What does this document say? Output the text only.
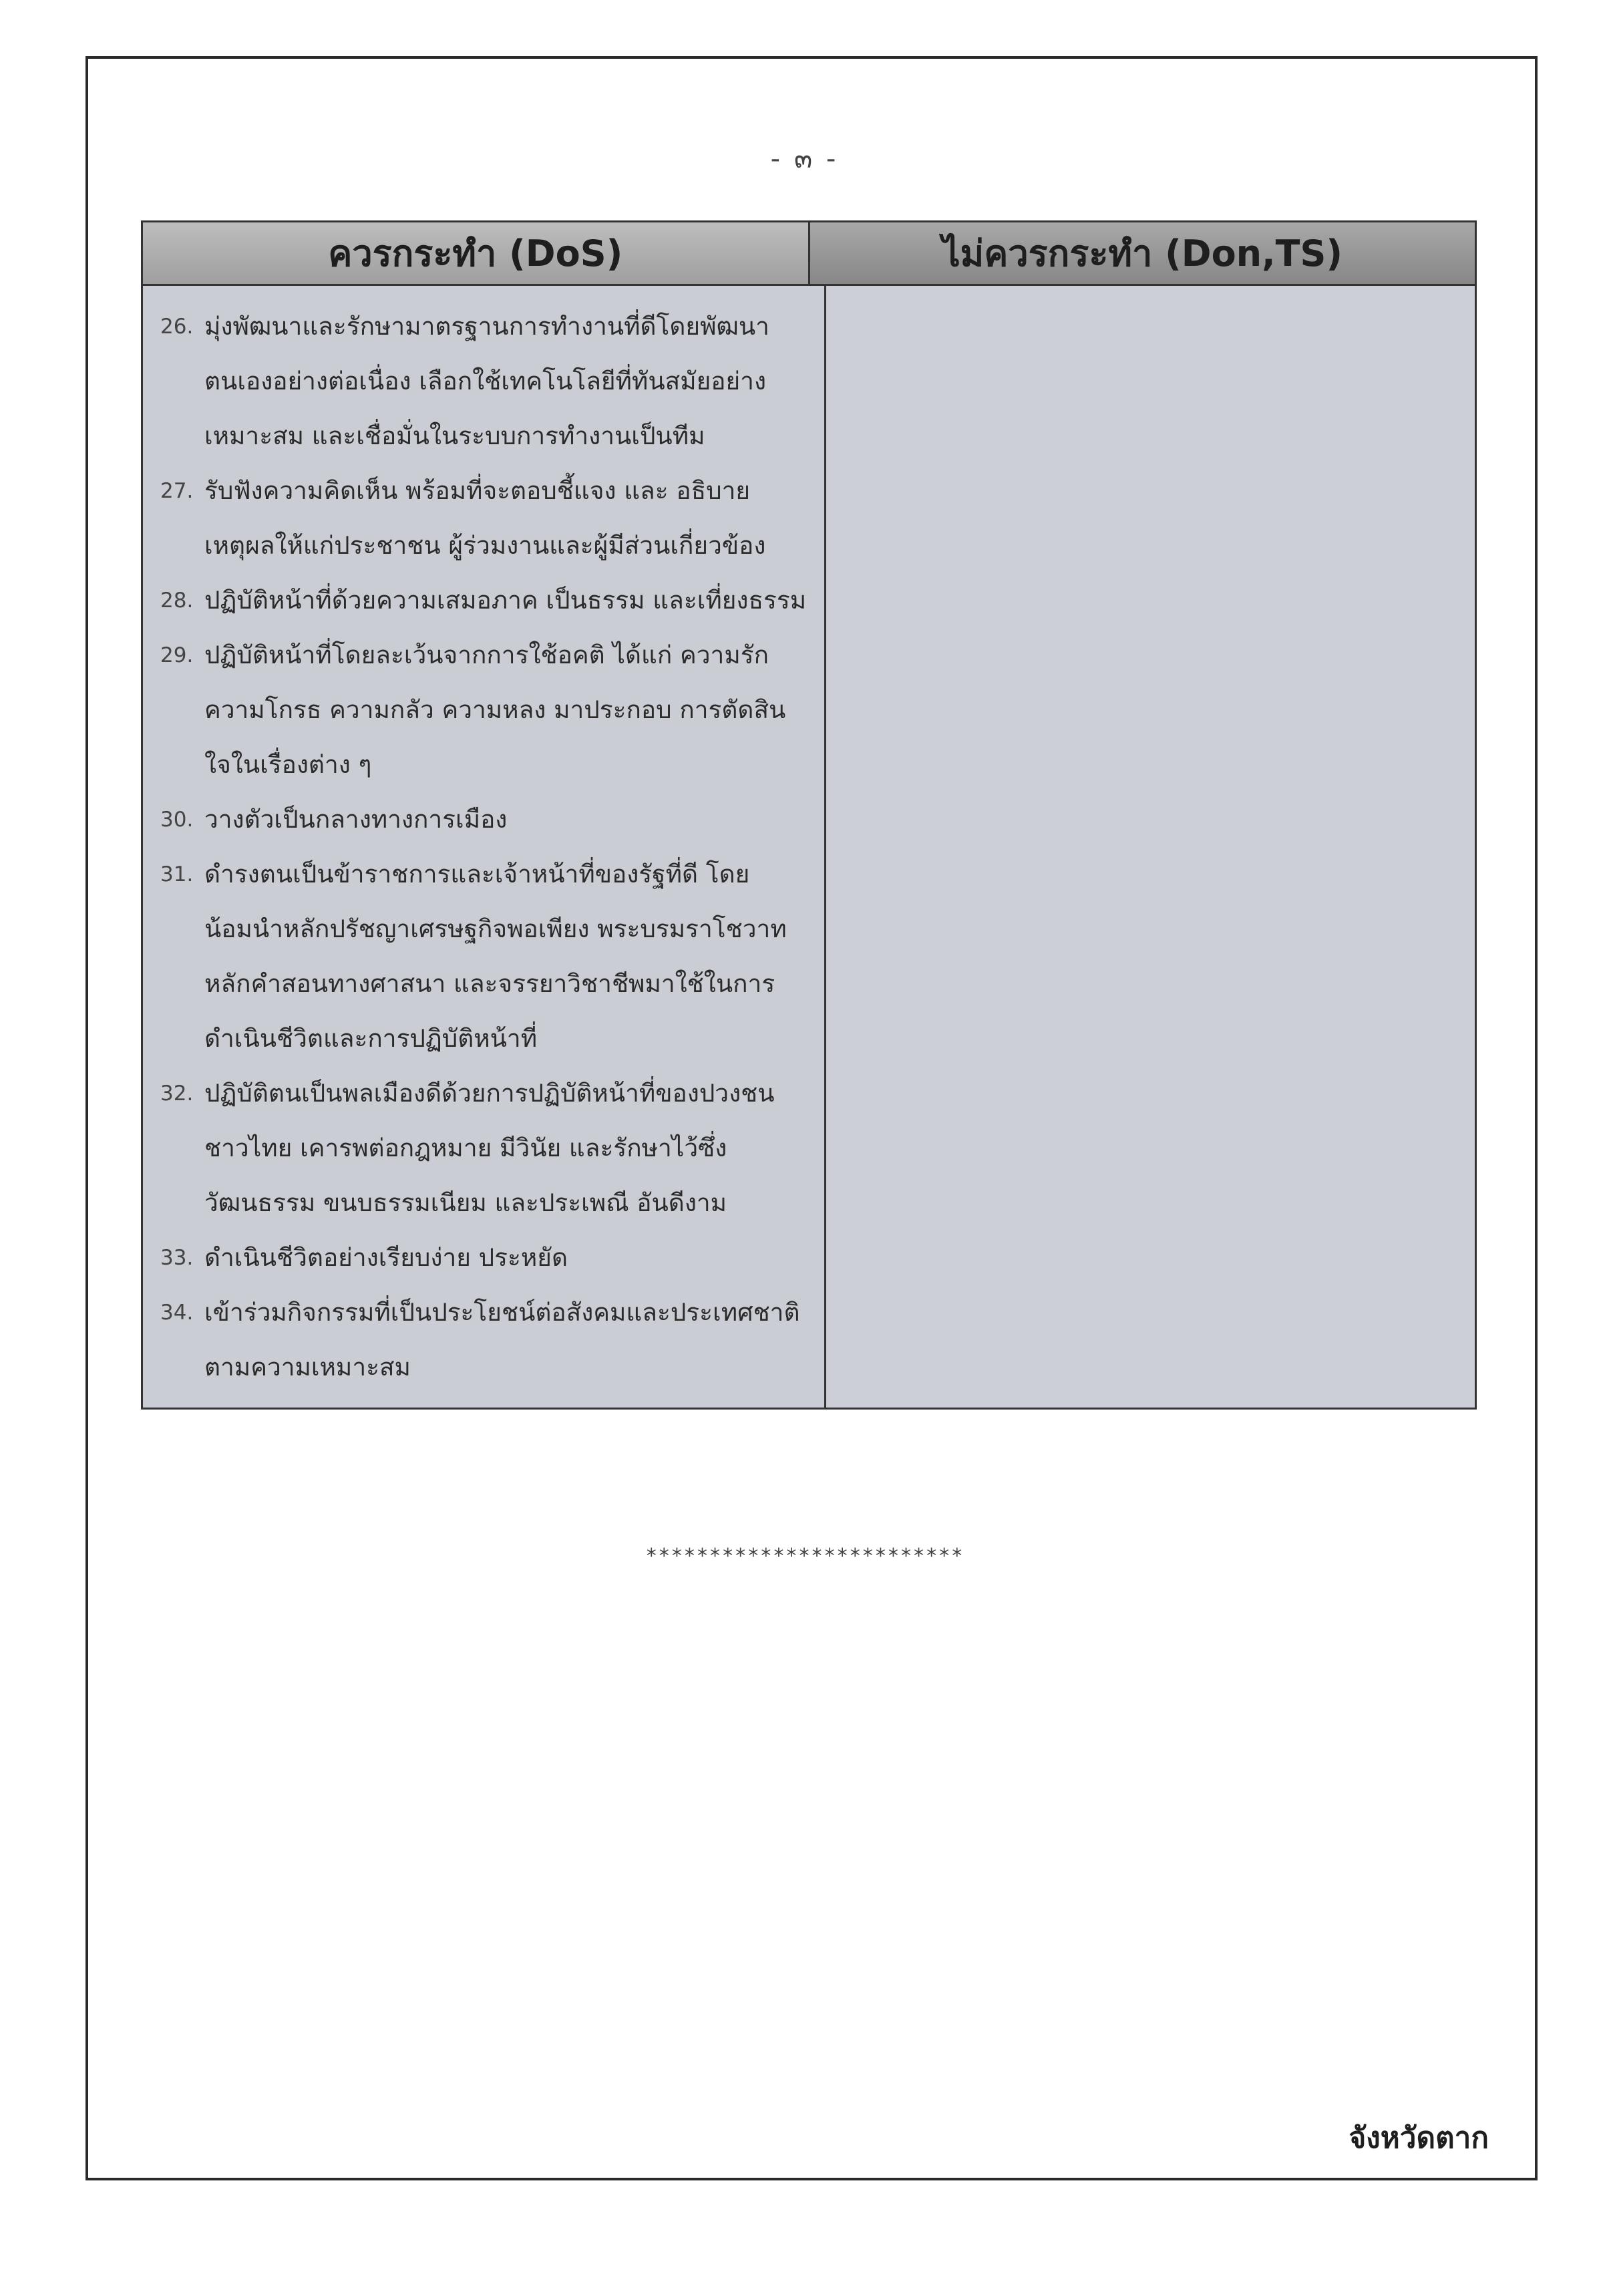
- ๓ -
ควรกระทำ (DoS)	ไม่ควรกระทำ (Don,TS)
26. มุ่งพัฒนาและรักษามาตรฐานการทำงานที่ดีโดยพัฒนาตนเองอย่างต่อเนื่อง เลือกใช้เทคโนโลยีที่ทันสมัยอย่างเหมาะสม และเชื่อมั่นในระบบการทำงานเป็นทีม
27. รับฟังความคิดเห็น พร้อมที่จะตอบชี้แจง และ อธิบายเหตุผลให้แก่ประชาชน ผู้ร่วมงานและผู้มีส่วนเกี่ยวข้อง
28. ปฏิบัติหน้าที่ด้วยความเสมอภาค เป็นธรรม และเที่ยงธรรม
29. ปฏิบัติหน้าที่โดยละเว้นจากการใช้อคติ ได้แก่ ความรัก ความโกรธ ความกลัว ความหลง มาประกอบ การตัดสินใจในเรื่องต่าง ๆ
30. วางตัวเป็นกลางทางการเมือง
31. ดำรงตนเป็นข้าราชการและเจ้าหน้าที่ของรัฐที่ดี โดยน้อมนำหลักปรัชญาเศรษฐกิจพอเพียง พระบรมราโชวาท หลักคำสอนทางศาสนา และจรรยาวิชาชีพมาใช้ในการดำเนินชีวิตและการปฏิบัติหน้าที่
32. ปฏิบัติตนเป็นพลเมืองดีด้วยการปฏิบัติหน้าที่ของปวงชนชาวไทย เคารพต่อกฎหมาย มีวินัย และรักษาไว้ซึ่งวัฒนธรรม ขนบธรรมเนียม และประเพณี อันดีงาม
33. ดำเนินชีวิตอย่างเรียบง่าย ประหยัด
34. เข้าร่วมกิจกรรมที่เป็นประโยชน์ต่อสังคมและประเทศชาติตามความเหมาะสม
*************************
จังหวัดตาก
